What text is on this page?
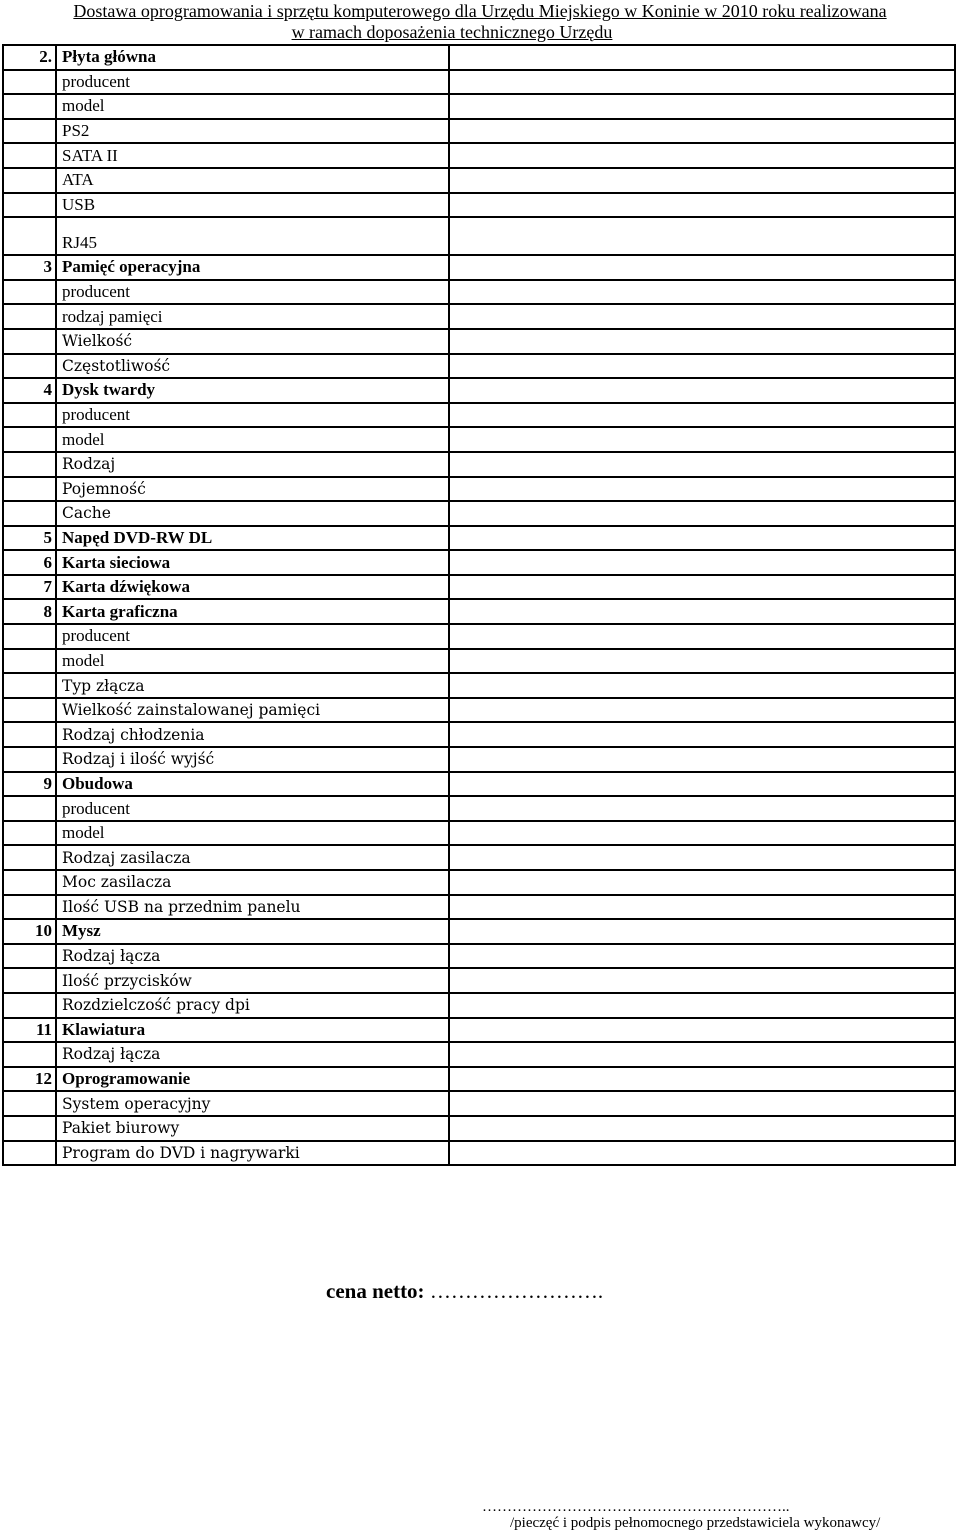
Dostawa oprogramowania i sprzętu komputerowego dla Urzędu Miejskiego w Koninie w 2010 roku realizowana
w ramach doposażenia technicznego Urzędu
2.	Płyta główna	
	producent	
	model	
	PS2	
	SATA II	
	ATA	
	USB	
	RJ45	
3	Pamięć operacyjna	
	producent	
	rodzaj pamięci	
	Wielkość	
	Częstotliwość	
4	Dysk twardy	
	producent	
	model	
	Rodzaj	
	Pojemność	
	Cache	
5	Napęd DVD-RW DL	
6	Karta sieciowa	
7	Karta dźwiękowa	
8	Karta graficzna	
	producent	
	model	
	Typ złącza	
	Wielkość zainstalowanej pamięci	
	Rodzaj chłodzenia	
	Rodzaj i ilość wyjść	
9	Obudowa	
	producent	
	model	
	Rodzaj zasilacza	
	Moc zasilacza	
	Ilość USB na przednim panelu	
10	Mysz	
	Rodzaj łącza	
	Ilość przycisków	
	Rozdzielczość pracy dpi	
11	Klawiatura	
	Rodzaj łącza	
12	Oprogramowanie	
	System operacyjny	
	Pakiet biurowy	
	Program do DVD i nagrywarki	
cena netto: …………………….
……………………………………………………..
/pieczęć i podpis pełnomocnego przedstawiciela wykonawcy/
